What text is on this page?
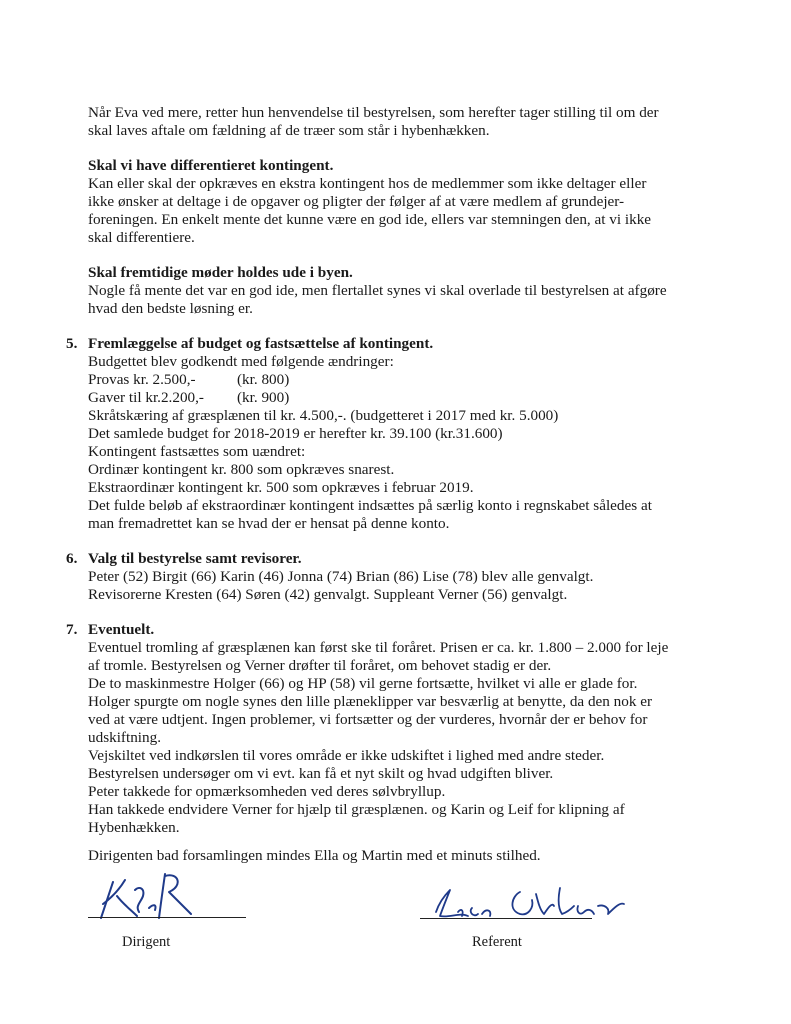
Når Eva ved mere, retter hun henvendelse til bestyrelsen, som herefter tager stilling til om der
skal laves aftale om fældning af de træer som står i hybenhækken.
Skal vi have differentieret kontingent.
Kan eller skal der opkræves en ekstra kontingent hos de medlemmer som ikke deltager eller
ikke ønsker at deltage i de opgaver og pligter der følger af at være medlem af grundejer-
foreningen. En enkelt mente det kunne være en god ide, ellers var stemningen den, at vi ikke
skal differentiere.
Skal fremtidige møder holdes ude i byen.
Nogle få mente det var en god ide, men flertallet synes vi skal overlade til bestyrelsen at afgøre
hvad den bedste løsning er.
5. Fremlæggelse af budget og fastsættelse af kontingent.
Budgettet blev godkendt med følgende ændringer:
Provas kr. 2.500,-	(kr. 800)
Gaver til kr.2.200,- (kr. 900)
Skråtskæring af græsplænen til kr. 4.500,-. (budgetteret i 2017 med kr. 5.000)
Det samlede budget for 2018-2019 er herefter kr. 39.100 (kr.31.600)
Kontingent fastsættes som uændret:
Ordinær kontingent kr. 800 som opkræves snarest.
Ekstraordinær kontingent kr. 500 som opkræves i februar 2019.
Det fulde beløb af ekstraordinær kontingent indsættes på særlig konto i regnskabet således at
man fremadrettet kan se hvad der er hensat på denne konto.
6. Valg til bestyrelse samt revisorer.
Peter (52) Birgit (66) Karin (46) Jonna (74) Brian (86) Lise (78) blev alle genvalgt.
Revisorerne Kresten (64) Søren (42) genvalgt. Suppleant Verner (56) genvalgt.
7. Eventuelt.
Eventuel tromling af græsplænen kan først ske til foråret. Prisen er ca. kr. 1.800 – 2.000 for leje
af tromle. Bestyrelsen og Verner drøfter til foråret, om behovet stadig er der.
De to maskinmestre Holger (66) og HP (58) vil gerne fortsætte, hvilket vi alle er glade for.
Holger spurgte om nogle synes den lille plæneklipper var besværlig at benytte, da den nok er
ved at være udtjent. Ingen problemer, vi fortsætter og der vurderes, hvornår der er behov for
udskiftning.
Vejskiltet ved indkørslen til vores område er ikke udskiftet i lighed med andre steder.
Bestyrelsen undersøger om vi evt. kan få et nyt skilt og hvad udgiften bliver.
Peter takkede for opmærksomheden ved deres sølvbryllup.
Han takkede endvidere Verner for hjælp til græsplænen. og Karin og Leif for klipning af
Hybenhækken.
Dirigenten bad forsamlingen mindes Ella og Martin med et minuts stilhed.
Dirigent	Referent
